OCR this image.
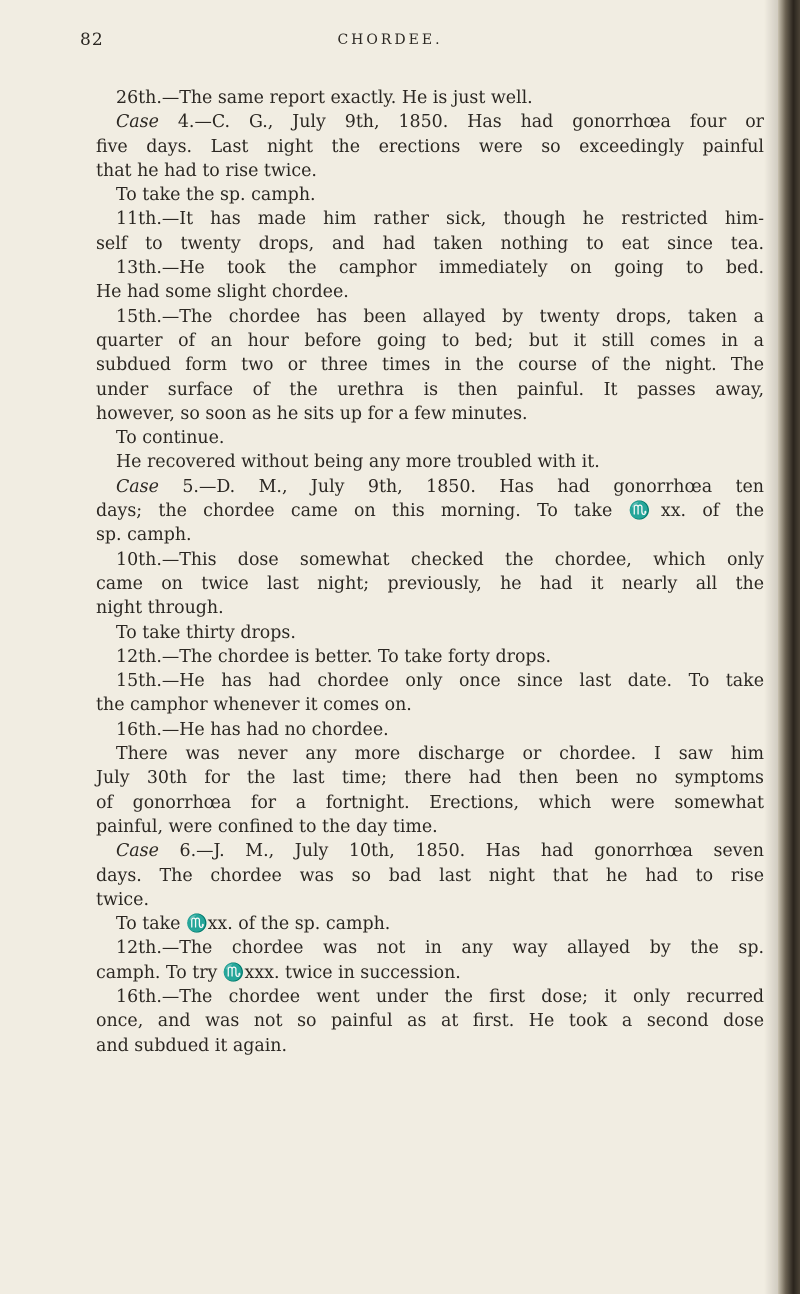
82	CHORDEE.
26th.—The same report exactly. He is just well.
Case 4.—C. G., July 9th, 1850. Has had gonorrhœa four or
five days. Last night the erections were so exceedingly painful
that he had to rise twice.
To take the sp. camph.
11th.—It has made him rather sick, though he restricted him-
self to twenty drops, and had taken nothing to eat since tea.
13th.—He took the camphor immediately on going to bed.
He had some slight chordee.
15th.—The chordee has been allayed by twenty drops, taken a
quarter of an hour before going to bed; but it still comes in a
subdued form two or three times in the course of the night. The
under surface of the urethra is then painful. It passes away,
however, so soon as he sits up for a few minutes.
To continue.
He recovered without being any more troubled with it.
Case 5.—D. M., July 9th, 1850. Has had gonorrhœa ten
days; the chordee came on this morning. To take ♏xx. of the
sp. camph.
10th.—This dose somewhat checked the chordee, which only
came on twice last night; previously, he had it nearly all the
night through.
To take thirty drops.
12th.—The chordee is better. To take forty drops.
15th.—He has had chordee only once since last date. To take
the camphor whenever it comes on.
16th.—He has had no chordee.
There was never any more discharge or chordee. I saw him
July 30th for the last time; there had then been no symptoms
of gonorrhœa for a fortnight. Erections, which were somewhat
painful, were confined to the day time.
Case 6.—J. M., July 10th, 1850. Has had gonorrhœa seven
days. The chordee was so bad last night that he had to rise
twice.
To take ♏xx. of the sp. camph.
12th.—The chordee was not in any way allayed by the sp.
camph. To try ♏xxx. twice in succession.
16th.—The chordee went under the first dose; it only recurred
once, and was not so painful as at first. He took a second dose
and subdued it again.
